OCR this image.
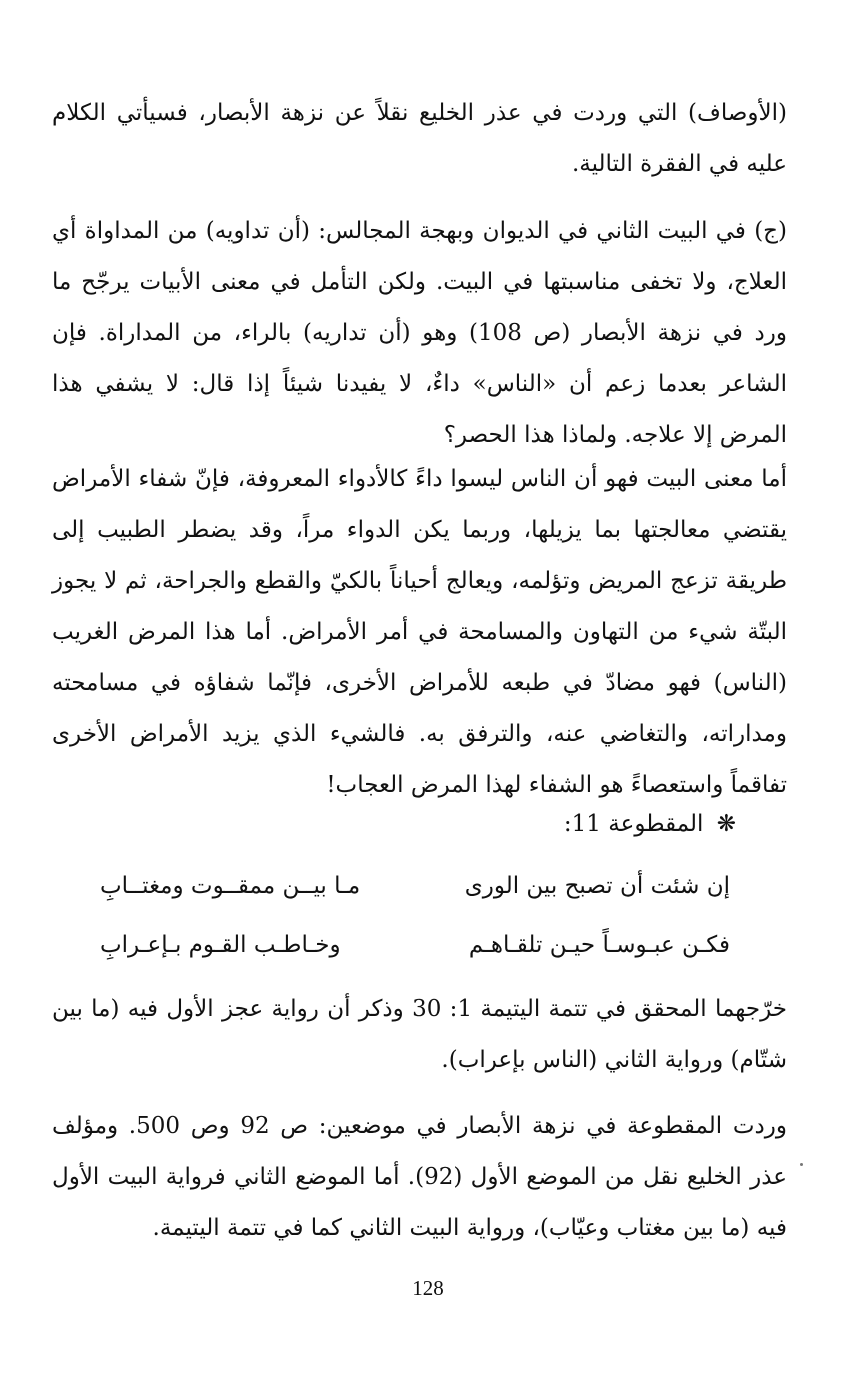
(الأوصاف) التي وردت في عذر الخليع نقلاً عن نزهة الأبصار، فسيأتي الكلام عليه في الفقرة التالية.

(ج) في البيت الثاني في الديوان وبهجة المجالس: (أن تداويه) من المداواة أي العلاج، ولا تخفى مناسبتها في البيت. ولكن التأمل في معنى الأبيات يرجّح ما ورد في نزهة الأبصار (ص 108) وهو (أن تداريه) بالراء، من المداراة. فإن الشاعر بعدما زعم أن «الناس» داءٌ، لا يفيدنا شيئاً إذا قال: لا يشفي هذا المرض إلا علاجه. ولماذا هذا الحصر؟

أما معنى البيت فهو أن الناس ليسوا داءً كالأدواء المعروفة، فإنّ شفاء الأمراض يقتضي معالجتها بما يزيلها، وربما يكن الدواء مراً، وقد يضطر الطبيب إلى طريقة تزعج المريض وتؤلمه، ويعالج أحياناً بالكيّ والقطع والجراحة، ثم لا يجوز البتّة شيء من التهاون والمسامحة في أمر الأمراض. أما هذا المرض الغريب (الناس) فهو مضادّ في طبعه للأمراض الأخرى، فإنّما شفاؤه في مسامحته ومداراته، والتغاضي عنه، والترفق به. فالشيء الذي يزيد الأمراض الأخرى تفاقماً واستعصاءً هو الشفاء لهذا المرض العجاب!

❋ المقطوعة 11:
إن شئت أن تصبح بين الورى
مـا بيــن ممقــوت ومغتــابِ
فكـن عبـوسـاً حيـن تلقـاهـم
وخـاطـب القـوم بـإعـرابِ

خرّجهما المحقق في تتمة اليتيمة 1: 30 وذكر أن رواية عجز الأول فيه (ما بين شتّام) ورواية الثاني (الناس بإعراب).

وردت المقطوعة في نزهة الأبصار في موضعين: ص 92 وص 500. ومؤلف عذر الخليع نقل من الموضع الأول (92). أما الموضع الثاني فرواية البيت الأول فيه (ما بين مغتاب وعيّاب)، ورواية البيت الثاني كما في تتمة اليتيمة.

128
